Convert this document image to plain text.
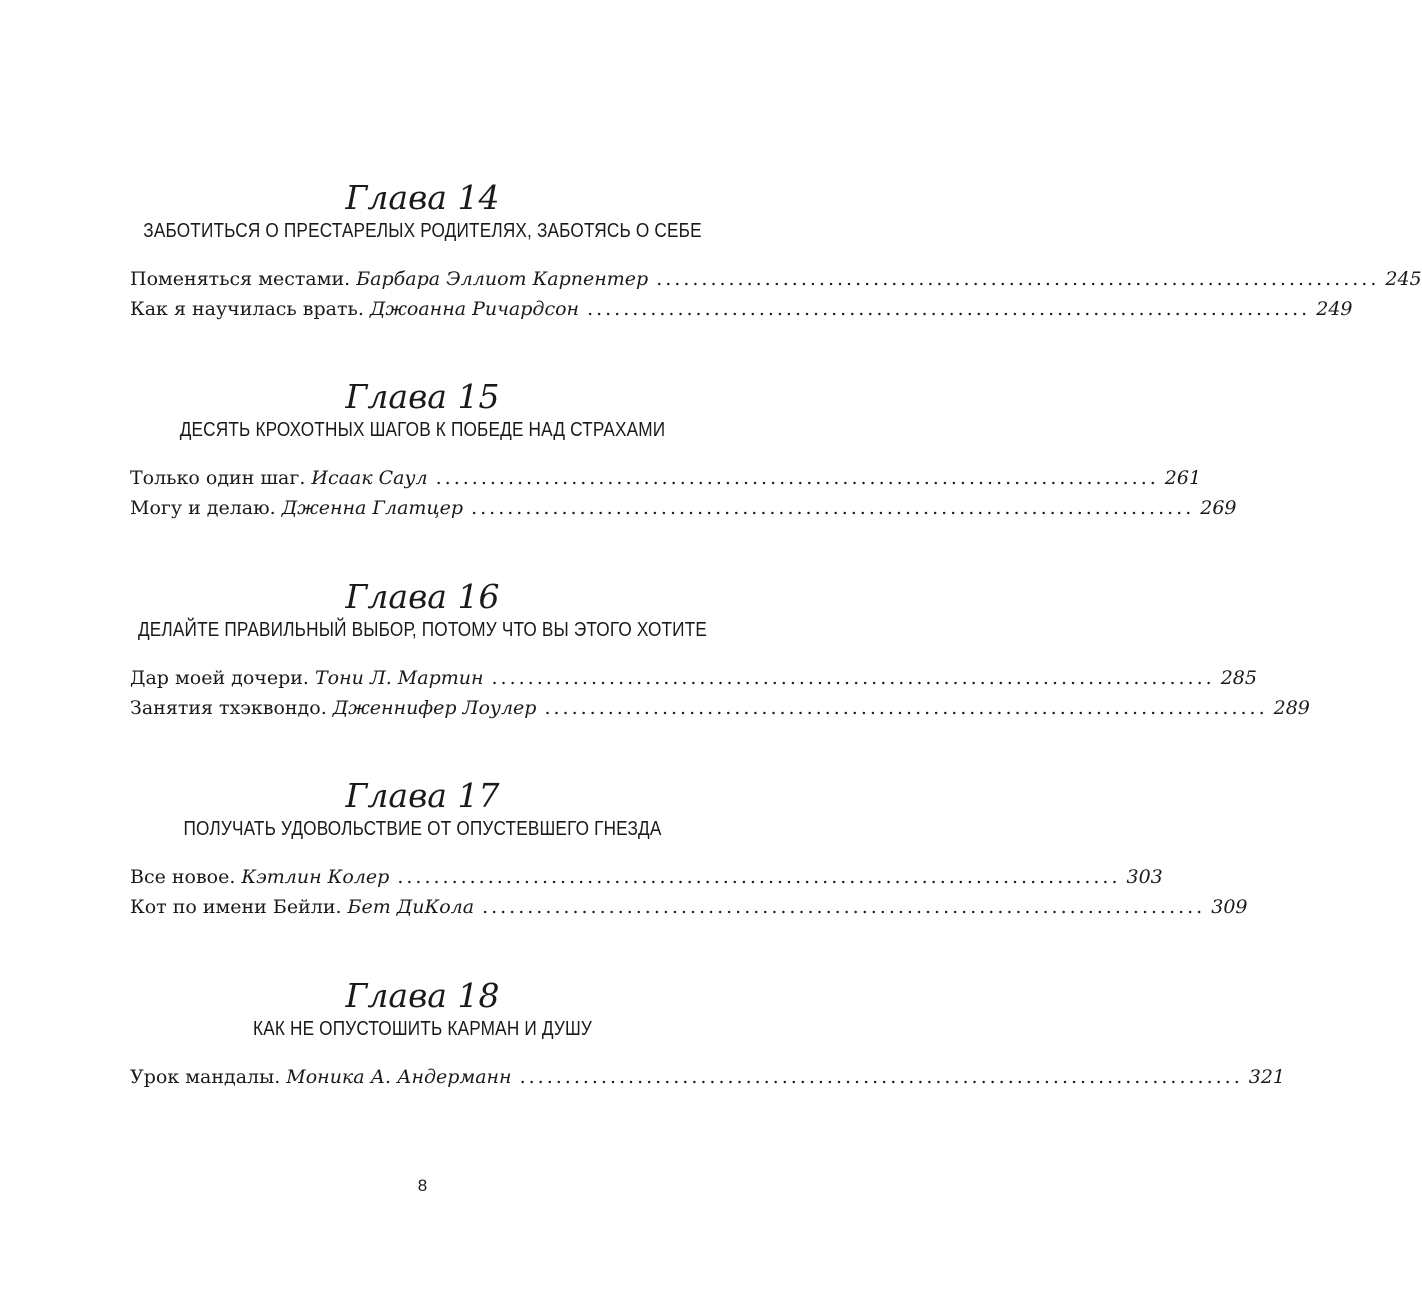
Глава 14
ЗАБОТИТЬСЯ О ПРЕСТАРЕЛЫХ РОДИТЕЛЯХ, ЗАБОТЯСЬ О СЕБЕ
Поменяться местами. Барбара Эллиот Карпентер ................................................................................ 245
Как я научилась врать. Джоанна Ричардсон ................................................................................ 249
Глава 15
ДЕСЯТЬ КРОХОТНЫХ ШАГОВ К ПОБЕДЕ НАД СТРАХАМИ
Только один шаг. Исаак Саул ................................................................................ 261
Могу и делаю. Дженна Глатцер ................................................................................ 269
Глава 16
ДЕЛАЙТЕ ПРАВИЛЬНЫЙ ВЫБОР, ПОТОМУ ЧТО ВЫ ЭТОГО ХОТИТЕ
Дар моей дочери. Тони Л. Мартин ................................................................................ 285
Занятия тхэквондо. Дженнифер Лоулер ................................................................................ 289
Глава 17
ПОЛУЧАТЬ УДОВОЛЬСТВИЕ ОТ ОПУСТЕВШЕГО ГНЕЗДА
Все новое. Кэтлин Колер ................................................................................ 303
Кот по имени Бейли. Бет ДиКола ................................................................................ 309
Глава 18
КАК НЕ ОПУСТОШИТЬ КАРМАН И ДУШУ
Урок мандалы. Моника А. Андерманн ................................................................................ 321
8
